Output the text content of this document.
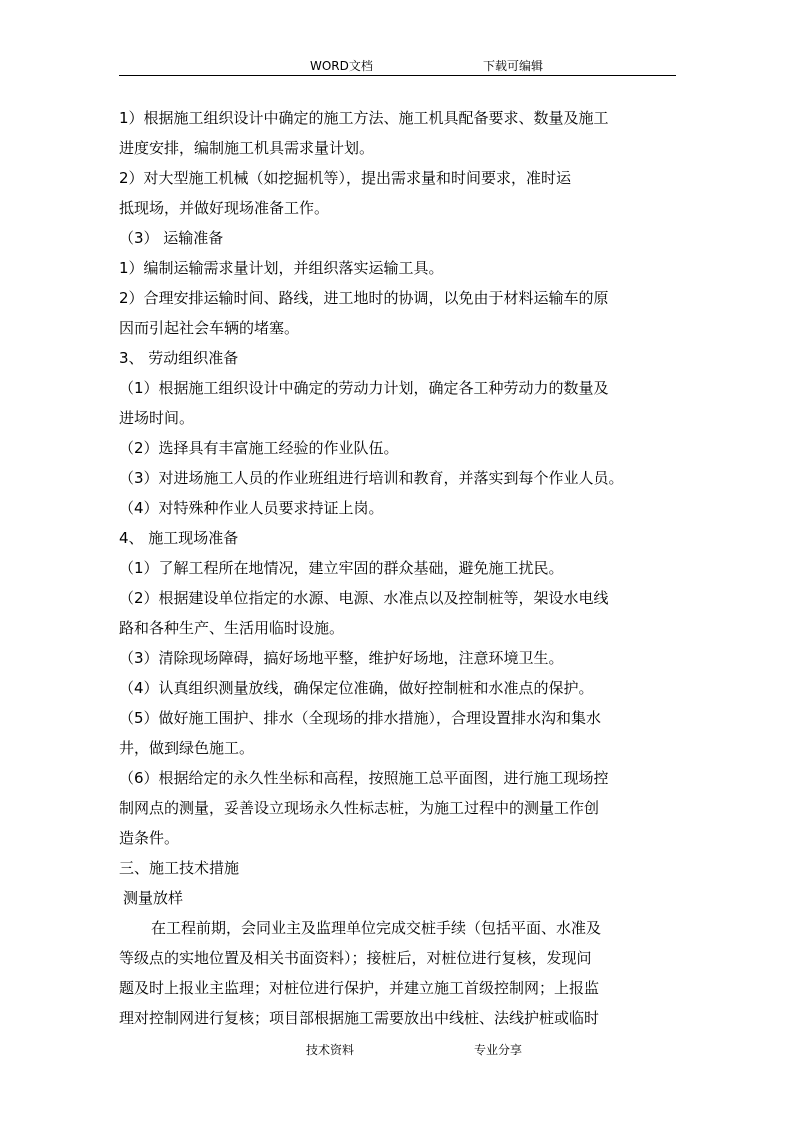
WORD文档	下载可编辑
1）根据施工组织设计中确定的施工方法、施工机具配备要求、数量及施工
进度安排，编制施工机具需求量计划。
2）对大型施工机械（如挖掘机等），提出需求量和时间要求，准时运
抵现场，并做好现场准备工作。
（3） 运输准备
1）编制运输需求量计划，并组织落实运输工具。
2）合理安排运输时间、路线，进工地时的协调，以免由于材料运输车的原
因而引起社会车辆的堵塞。
3、 劳动组织准备
（1）根据施工组织设计中确定的劳动力计划，确定各工种劳动力的数量及
进场时间。
（2）选择具有丰富施工经验的作业队伍。
（3）对进场施工人员的作业班组进行培训和教育，并落实到每个作业人员。
（4）对特殊种作业人员要求持证上岗。
4、 施工现场准备
（1）了解工程所在地情况，建立牢固的群众基础，避免施工扰民。
（2）根据建设单位指定的水源、电源、水准点以及控制桩等，架设水电线
路和各种生产、生活用临时设施。
（3）清除现场障碍，搞好场地平整，维护好场地，注意环境卫生。
（4）认真组织测量放线，确保定位准确，做好控制桩和水准点的保护。
（5）做好施工围护、排水（全现场的排水措施），合理设置排水沟和集水
井，做到绿色施工。
（6）根据给定的永久性坐标和高程，按照施工总平面图，进行施工现场控
制网点的测量，妥善设立现场永久性标志桩，为施工过程中的测量工作创
造条件。
三、施工技术措施
测量放样
在工程前期，会同业主及监理单位完成交桩手续（包括平面、水准及
等级点的实地位置及相关书面资料）；接桩后，对桩位进行复核，发现问
题及时上报业主监理；对桩位进行保护，并建立施工首级控制网；上报监
理对控制网进行复核；项目部根据施工需要放出中线桩、法线护桩或临时
技术资料	专业分享
